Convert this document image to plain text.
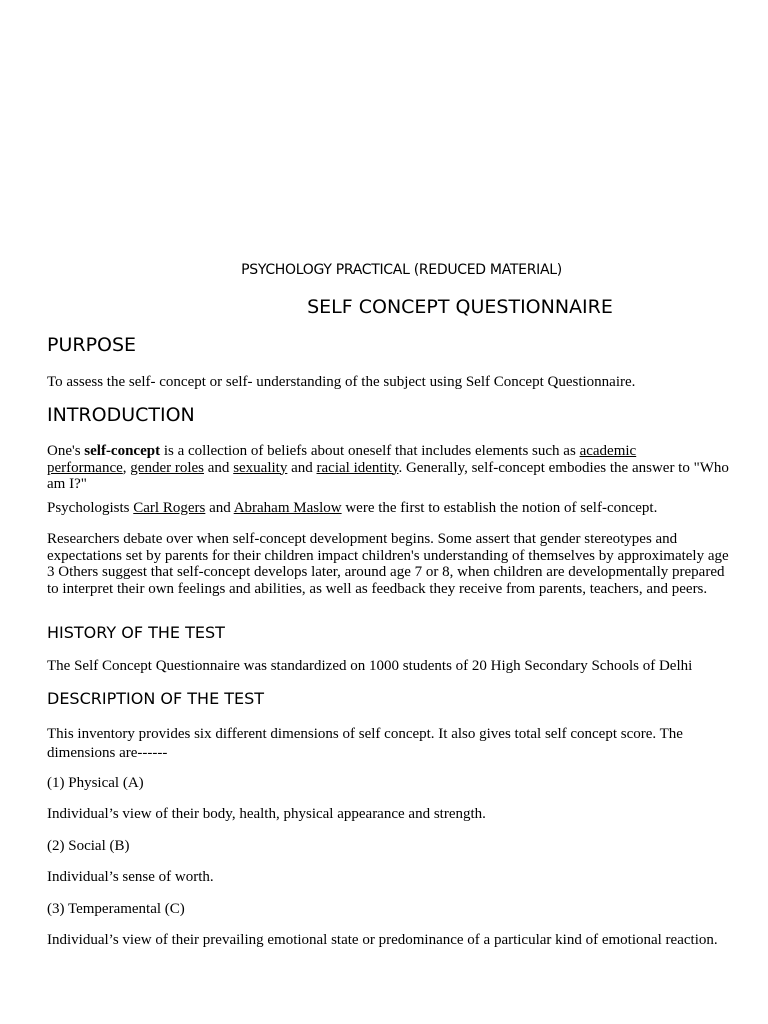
PSYCHOLOGY PRACTICAL (REDUCED MATERIAL)
SELF CONCEPT QUESTIONNAIRE
PURPOSE

To assess the self- concept or self- understanding of the subject using Self Concept Questionnaire.

INTRODUCTION

One's self-concept is a collection of beliefs about oneself that includes elements such as academic
performance, gender roles and sexuality and racial identity. Generally, self-concept embodies the answer to "Who am I?"

Psychologists Carl Rogers and Abraham Maslow were the first to establish the notion of self-concept.

Researchers debate over when self-concept development begins. Some assert that gender stereotypes and expectations set by parents for their children impact children's understanding of themselves by approximately age 3 Others suggest that self-concept develops later, around age 7 or 8, when children are developmentally prepared to interpret their own feelings and abilities, as well as feedback they receive from parents, teachers, and peers.

HISTORY OF THE TEST

The Self Concept Questionnaire was standardized on 1000 students of 20 High Secondary Schools of Delhi

DESCRIPTION OF THE TEST

This inventory provides six different dimensions of self concept. It also gives total self concept score. The
dimensions are------

(1) Physical (A)

Individual’s view of their body, health, physical appearance and strength.

(2) Social (B)

Individual’s sense of worth.

(3) Temperamental (C)

Individual’s view of their prevailing emotional state or predominance of a particular kind of emotional reaction.
